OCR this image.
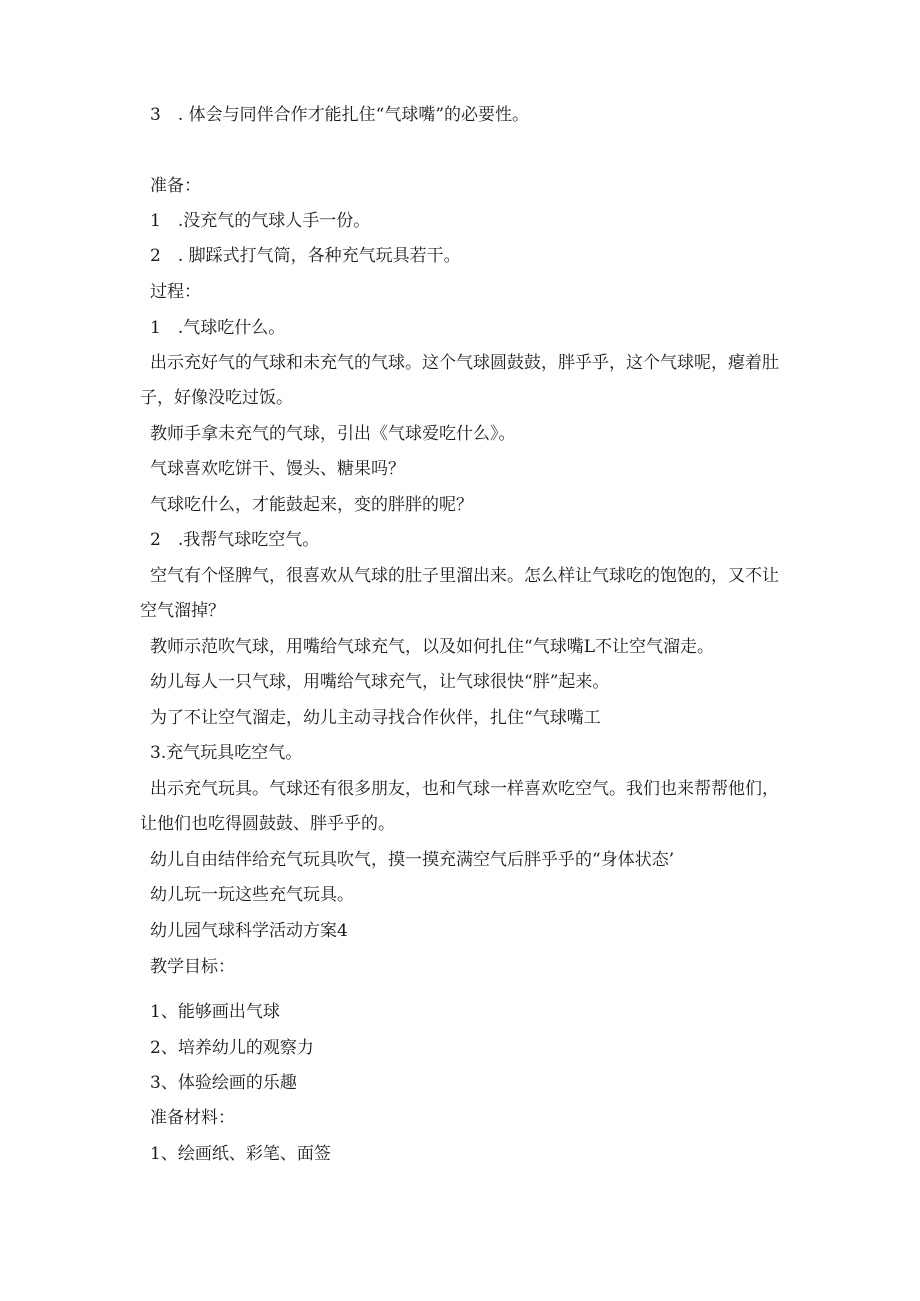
3　. 体会与同伴合作才能扎住“气球嘴”的必要性。
准备：
1　.没充气的气球人手一份。
2　. 脚踩式打气筒，各种充气玩具若干。
过程：
1　.气球吃什么。
出示充好气的气球和未充气的气球。这个气球圆鼓鼓，胖乎乎，这个气球呢，瘪着肚
子，好像没吃过饭。
教师手拿未充气的气球，引出《气球爱吃什么》。
气球喜欢吃饼干、馒头、糖果吗？
气球吃什么，才能鼓起来，变的胖胖的呢？
2　.我帮气球吃空气。
空气有个怪脾气，很喜欢从气球的肚子里溜出来。怎么样让气球吃的饱饱的，又不让
空气溜掉？
教师示范吹气球，用嘴给气球充气，以及如何扎住“气球嘴L不让空气溜走。
幼儿每人一只气球，用嘴给气球充气，让气球很快“胖”起来。
为了不让空气溜走，幼儿主动寻找合作伙伴，扎住“气球嘴工
3.充气玩具吃空气。
出示充气玩具。气球还有很多朋友，也和气球一样喜欢吃空气。我们也来帮帮他们，
让他们也吃得圆鼓鼓、胖乎乎的。
幼儿自由结伴给充气玩具吹气，摸一摸充满空气后胖乎乎的“身体状态’
幼儿玩一玩这些充气玩具。
幼儿园气球科学活动方案4
教学目标：
1、能够画出气球
2、培养幼儿的观察力
3、体验绘画的乐趣
准备材料：
1、绘画纸、彩笔、面签
